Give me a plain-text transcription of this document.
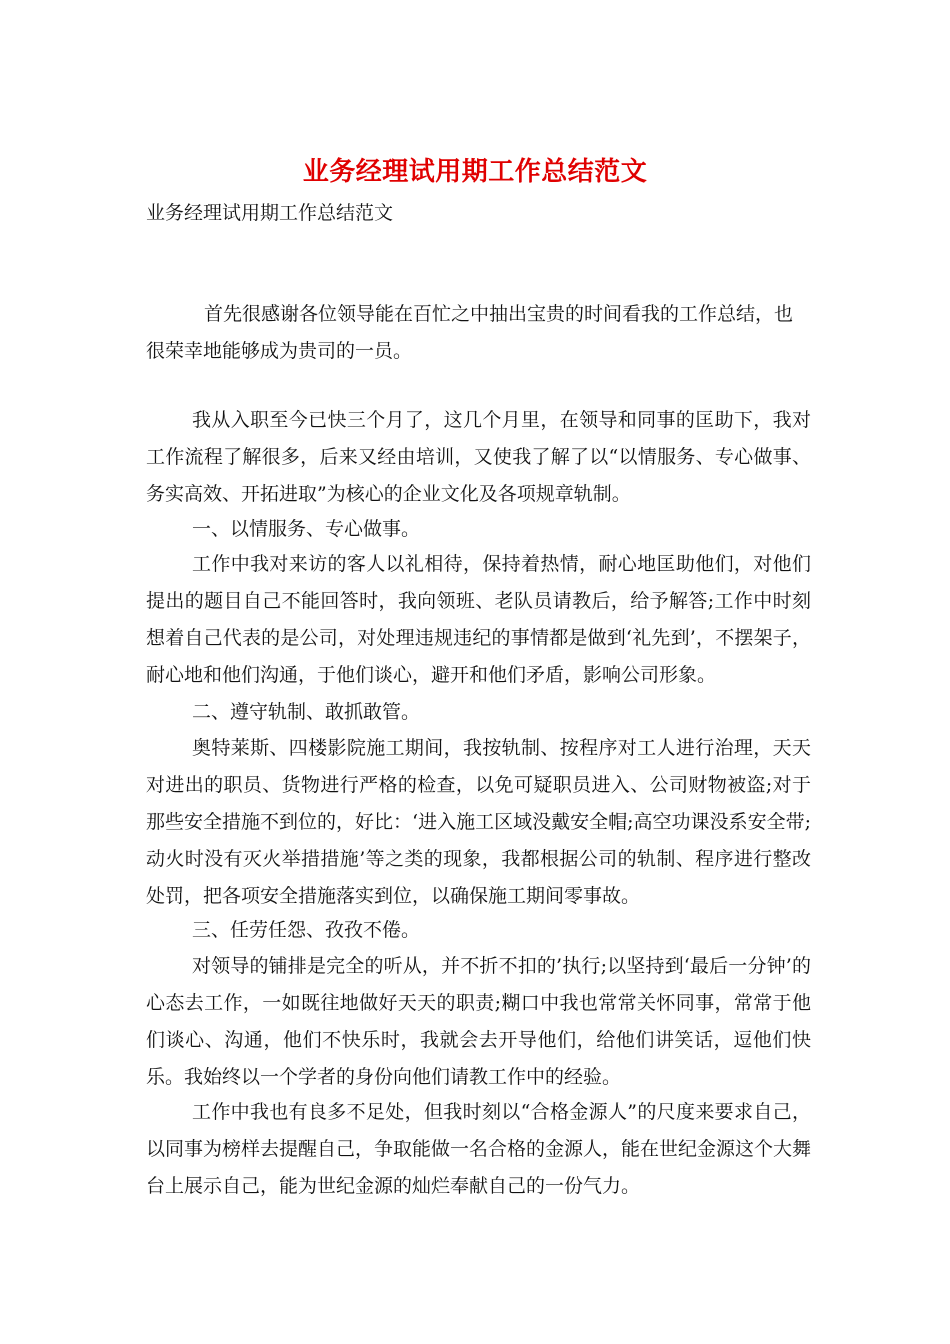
业务经理试用期工作总结范文
业务经理试用期工作总结范文

首先很感谢各位领导能在百忙之中抽出宝贵的时间看我的工作总结，也
很荣幸地能够成为贵司的一员。

我从入职至今已快三个月了，这几个月里，在领导和同事的匡助下，我对工作流程了解很多，后来又经由培训，又使我了解了以“以情服务、专心做事、务实高效、开拓进取”为核心的企业文化及各项规章轨制。

一、以情服务、专心做事。

工作中我对来访的客人以礼相待，保持着热情，耐心地匡助他们，对他们提出的题目自己不能回答时，我向领班、老队员请教后，给予解答;工作中时刻想着自己代表的是公司，对处理违规违纪的事情都是做到‘礼先到’，不摆架子，耐心地和他们沟通，于他们谈心，避开和他们矛盾，影响公司形象。

二、遵守轨制、敢抓敢管。

奥特莱斯、四楼影院施工期间，我按轨制、按程序对工人进行治理，天天对进出的职员、货物进行严格的检查，以免可疑职员进入、公司财物被盗;对于那些安全措施不到位的，好比：‘进入施工区域没戴安全帽;高空功课没系安全带;动火时没有灭火举措措施’等之类的现象，我都根据公司的轨制、程序进行整改处罚，把各项安全措施落实到位，以确保施工期间零事故。

三、任劳任怨、孜孜不倦。

对领导的铺排是完全的听从，并不折不扣的’执行;以坚持到‘最后一分钟’的心态去工作，一如既往地做好天天的职责;糊口中我也常常关怀同事，常常于他们谈心、沟通，他们不快乐时，我就会去开导他们，给他们讲笑话，逗他们快乐。我始终以一个学者的身份向他们请教工作中的经验。

工作中我也有良多不足处，但我时刻以“合格金源人”的尺度来要求自己，以同事为榜样去提醒自己，争取能做一名合格的金源人，能在世纪金源这个大舞台上展示自己，能为世纪金源的灿烂奉献自己的一份气力。
